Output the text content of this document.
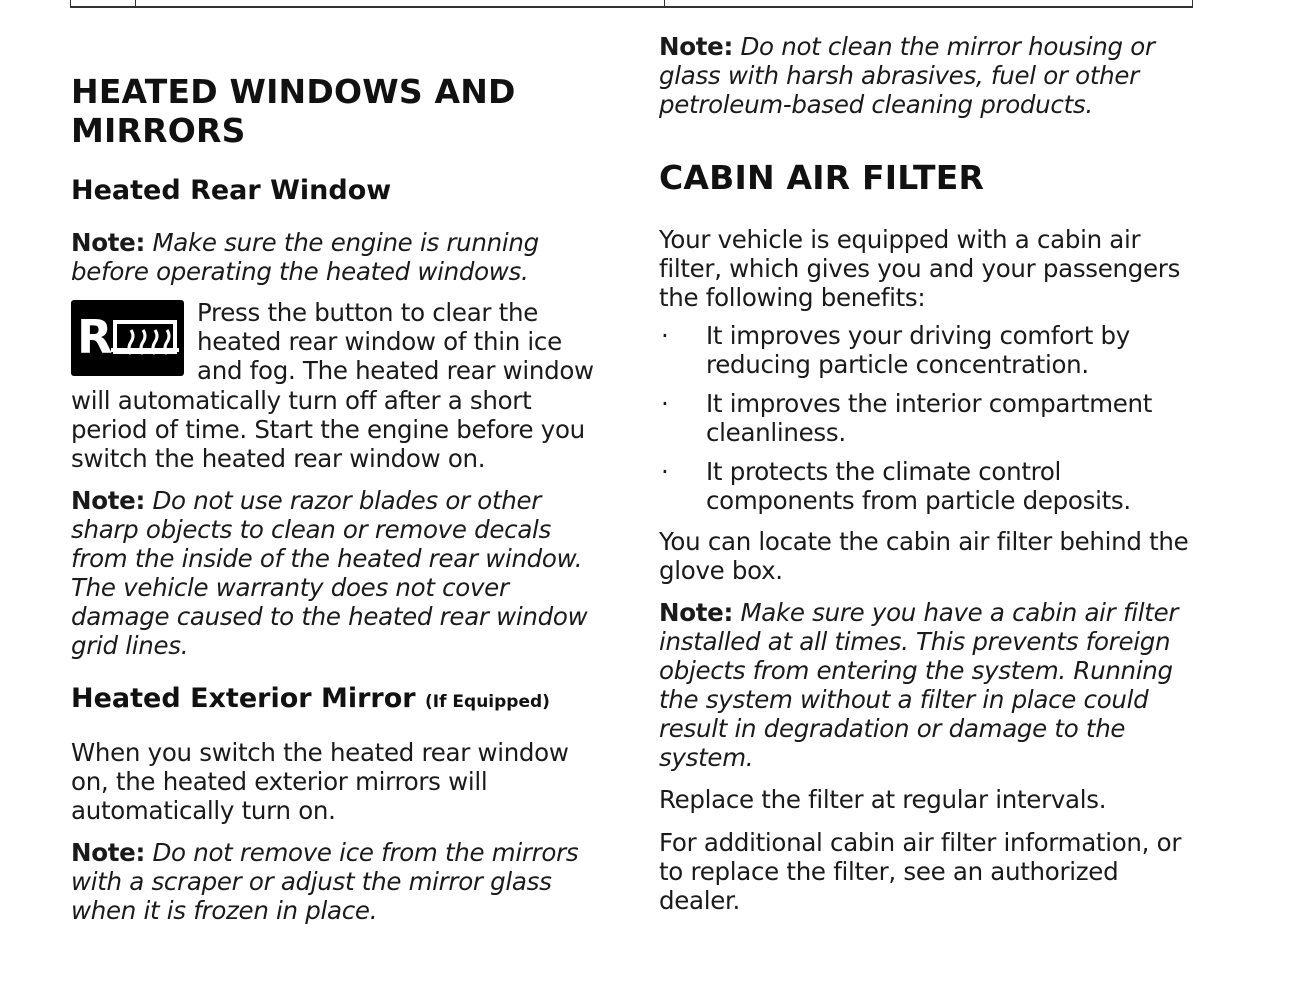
HEATED WINDOWS AND MIRRORS
Heated Rear Window

Note: Make sure the engine is running before operating the heated windows.

R	Press the button to clear the heated rear window of thin ice and fog. The heated rear window

will automatically turn off after a short period of time. Start the engine before you switch the heated rear window on.

Note: Do not use razor blades or other sharp objects to clean or remove decals from the inside of the heated rear window. The vehicle warranty does not cover damage caused to the heated rear window grid lines.

Heated Exterior Mirror (If Equipped)

When you switch the heated rear window on, the heated exterior mirrors will automatically turn on.

Note: Do not remove ice from the mirrors with a scraper or adjust the mirror glass when it is frozen in place.

Note: Do not clean the mirror housing or glass with harsh abrasives, fuel or other petroleum-based cleaning products.

CABIN AIR FILTER

Your vehicle is equipped with a cabin air filter, which gives you and your passengers the following benefits:

· It improves your driving comfort by reducing particle concentration.
· It improves the interior compartment cleanliness.
· It protects the climate control components from particle deposits.

You can locate the cabin air filter behind the glove box.

Note: Make sure you have a cabin air filter installed at all times. This prevents foreign objects from entering the system. Running the system without a filter in place could result in degradation or damage to the system.

Replace the filter at regular intervals.

For additional cabin air filter information, or to replace the filter, see an authorized dealer.
